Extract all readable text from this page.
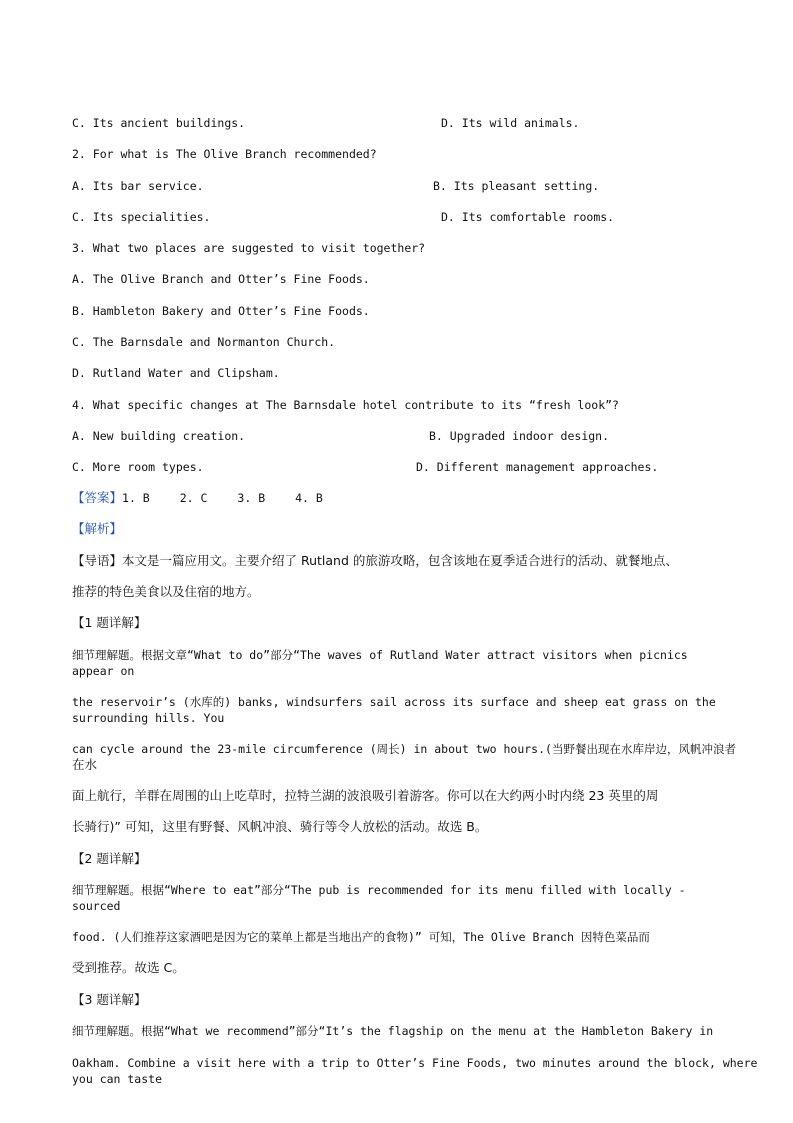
C. Its ancient buildings.	D. Its wild animals.
2. For what is The Olive Branch recommended?
A. Its bar service.	B. Its pleasant setting.
C. Its specialities.	D. Its comfortable rooms.
3. What two places are suggested to visit together?
A. The Olive Branch and Otter’s Fine Foods.
B. Hambleton Bakery and Otter’s Fine Foods.
C. The Barnsdale and Normanton Church.
D. Rutland Water and Clipsham.
4. What specific changes at The Barnsdale hotel contribute to its “fresh look”?
A. New building creation.	B. Upgraded indoor design.
C. More room types.	D. Different management approaches.
【答案】1. B	2. C	3. B	4. B
【解析】
【导语】本文是一篇应用文。主要介绍了 Rutland 的旅游攻略，包含该地在夏季适合进行的活动、就餐地点、
推荐的特色美食以及住宿的地方。
【1 题详解】
细节理解题。根据文章“What to do”部分“The waves of Rutland Water attract visitors when picnics
appear on
the reservoir’s (水库的) banks, windsurfers sail across its surface and sheep eat grass on the
surrounding hills. You
can cycle around the 23-mile circumference (周长) in about two hours.(当野餐出现在水库岸边，风帆冲浪者
在水
面上航行，羊群在周围的山上吃草时，拉特兰湖的波浪吸引着游客。你可以在大约两小时内绕 23 英里的周
长骑行)” 可知，这里有野餐、风帆冲浪、骑行等令人放松的活动。故选 B。
【2 题详解】
细节理解题。根据“Where to eat”部分“The pub is recommended for its menu filled with locally -
sourced
food. (人们推荐这家酒吧是因为它的菜单上都是当地出产的食物)” 可知，The Olive Branch 因特色菜品而
受到推荐。故选 C。
【3 题详解】
细节理解题。根据“What we recommend”部分“It’s the flagship on the menu at the Hambleton Bakery in
Oakham. Combine a visit here with a trip to Otter’s Fine Foods, two minutes around the block, where
you can taste
